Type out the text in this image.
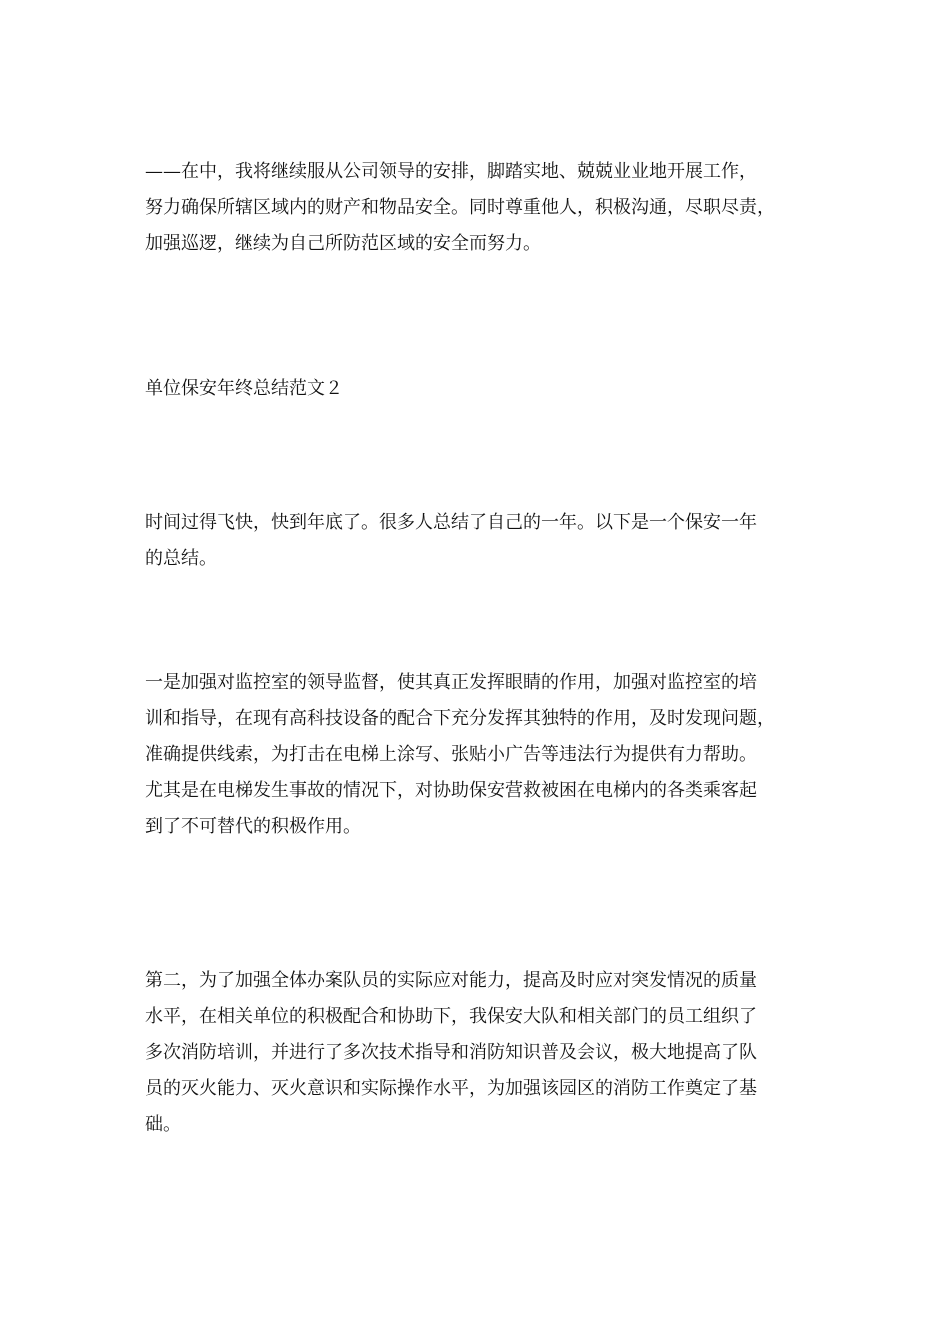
——在中，我将继续服从公司领导的安排，脚踏实地、兢兢业业地开展工作，
努力确保所辖区域内的财产和物品安全。同时尊重他人，积极沟通，尽职尽责，
加强巡逻，继续为自己所防范区域的安全而努力。

单位保安年终总结范文２

时间过得飞快，快到年底了。很多人总结了自己的一年。以下是一个保安一年
的总结。

一是加强对监控室的领导监督，使其真正发挥眼睛的作用，加强对监控室的培
训和指导，在现有高科技设备的配合下充分发挥其独特的作用，及时发现问题，
准确提供线索，为打击在电梯上涂写、张贴小广告等违法行为提供有力帮助。
尤其是在电梯发生事故的情况下，对协助保安营救被困在电梯内的各类乘客起
到了不可替代的积极作用。

第二，为了加强全体办案队员的实际应对能力，提高及时应对突发情况的质量
水平，在相关单位的积极配合和协助下，我保安大队和相关部门的员工组织了
多次消防培训，并进行了多次技术指导和消防知识普及会议，极大地提高了队
员的灭火能力、灭火意识和实际操作水平，为加强该园区的消防工作奠定了基
础。
